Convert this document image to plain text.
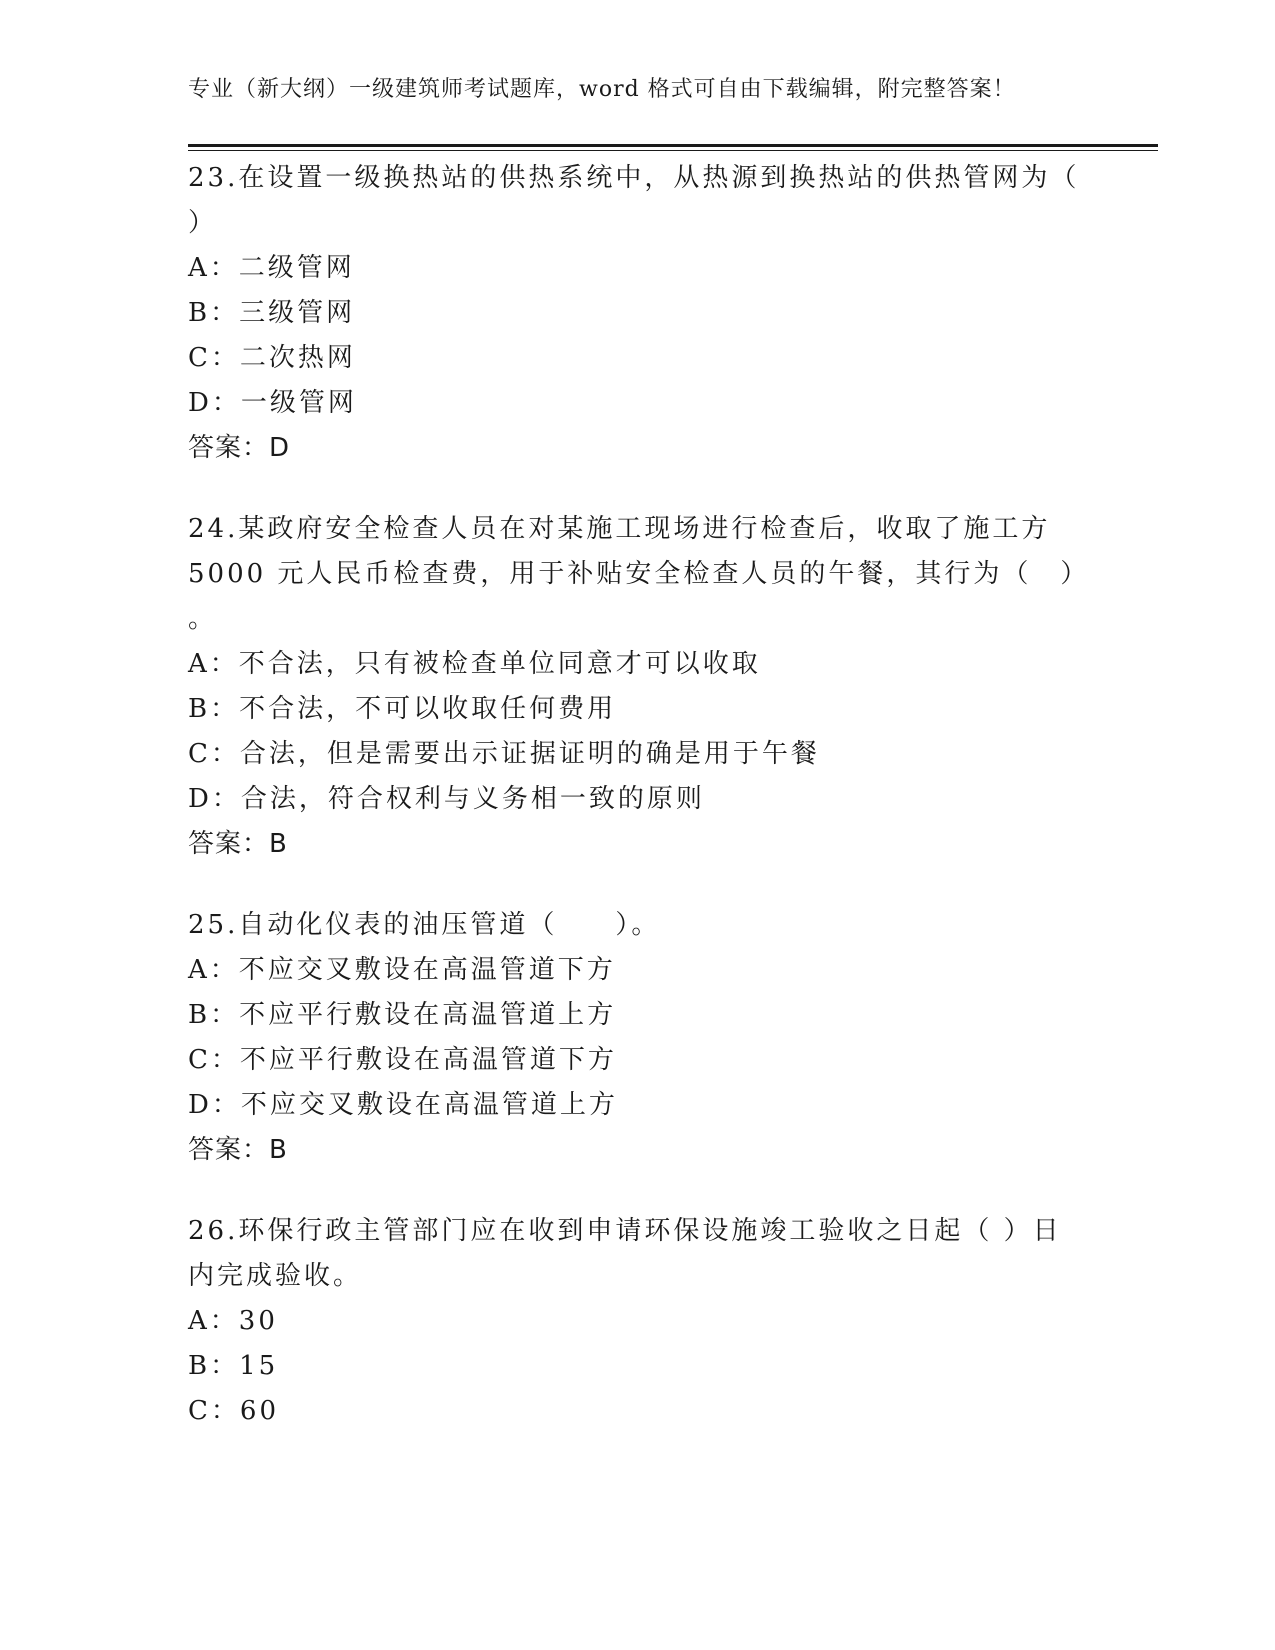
专业（新大纲）一级建筑师考试题库，word 格式可自由下载编辑，附完整答案！

23.在设置一级换热站的供热系统中，从热源到换热站的供热管网为（

）

A：二级管网

B：三级管网

C：二次热网

D：一级管网

答案：D

24.某政府安全检查人员在对某施工现场进行检查后，收取了施工方

5000 元人民币检查费，用于补贴安全检查人员的午餐，其行为（　）

。

A：不合法，只有被检查单位同意才可以收取

B：不合法，不可以收取任何费用

C：合法，但是需要出示证据证明的确是用于午餐

D：合法，符合权利与义务相一致的原则

答案：B

25.自动化仪表的油压管道（　　）。

A：不应交叉敷设在高温管道下方

B：不应平行敷设在高温管道上方

C：不应平行敷设在高温管道下方

D：不应交叉敷设在高温管道上方

答案：B

26.环保行政主管部门应在收到申请环保设施竣工验收之日起（ ）日

内完成验收。

A：30

B：15

C：60
